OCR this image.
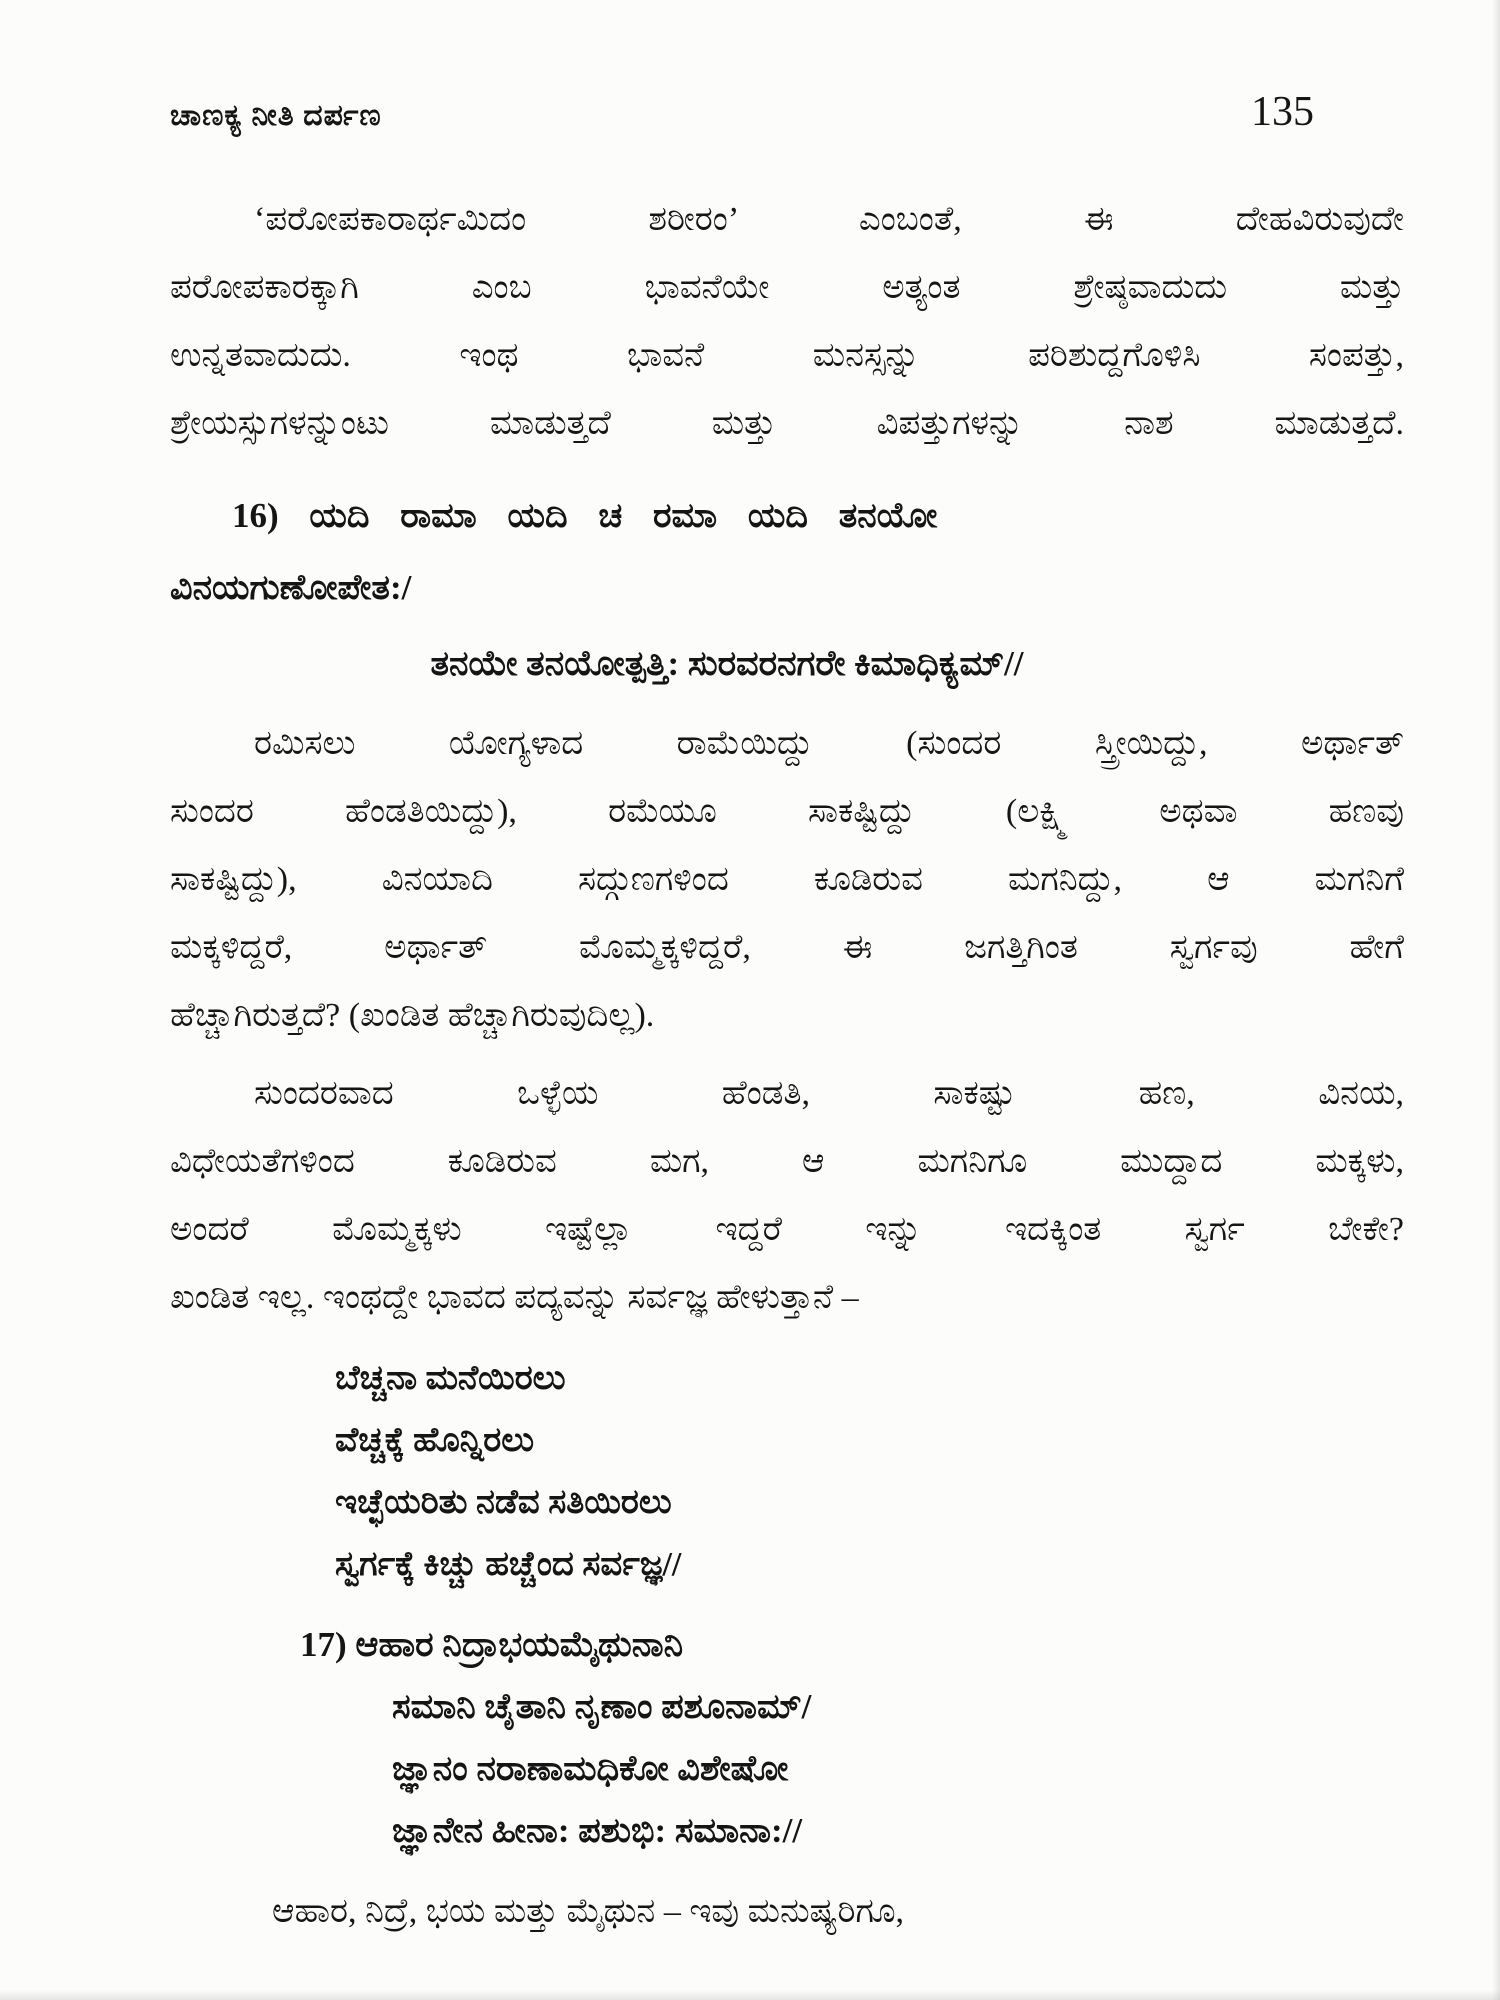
ಚಾಣಕ್ಯ ನೀತಿ ದರ್ಪಣ	135
‘ಪರೋಪಕಾರಾರ್ಥಮಿದಂ ಶರೀರಂ’ ಎಂಬಂತೆ, ಈ ದೇಹವಿರುವುದೇ
ಪರೋಪಕಾರಕ್ಕಾಗಿ ಎಂಬ ಭಾವನೆಯೇ ಅತ್ಯಂತ ಶ್ರೇಷ್ಠವಾದುದು ಮತ್ತು
ಉನ್ನತವಾದುದು. ಇಂಥ ಭಾವನೆ ಮನಸ್ಸನ್ನು ಪರಿಶುದ್ದಗೊಳಿಸಿ ಸಂಪತ್ತು,
ಶ್ರೇಯಸ್ಸುಗಳನ್ನುಂಟು ಮಾಡುತ್ತದೆ ಮತ್ತು ವಿಪತ್ತುಗಳನ್ನು ನಾಶ ಮಾಡುತ್ತದೆ.
16) ಯದಿ ರಾಮಾ ಯದಿ ಚ ರಮಾ ಯದಿ ತನಯೋ
ವಿನಯಗುಣೋಪೇತ:/
ತನಯೇ ತನಯೋತ್ಪತ್ತಿ: ಸುರವರನಗರೇ ಕಿಮಾಧಿಕ್ಯಮ್//
ರಮಿಸಲು ಯೋಗ್ಯಳಾದ ರಾಮೆಯಿದ್ದು (ಸುಂದರ ಸ್ತ್ರೀಯಿದ್ದು, ಅರ್ಥಾತ್
ಸುಂದರ ಹೆಂಡತಿಯಿದ್ದು), ರಮೆಯೂ ಸಾಕಷ್ಟಿದ್ದು (ಲಕ್ಷ್ಮಿ ಅಥವಾ ಹಣವು
ಸಾಕಷ್ಟಿದ್ದು), ವಿನಯಾದಿ ಸದ್ಗುಣಗಳಿಂದ ಕೂಡಿರುವ ಮಗನಿದ್ದು, ಆ ಮಗನಿಗೆ
ಮಕ್ಕಳಿದ್ದರೆ, ಅರ್ಥಾತ್ ಮೊಮ್ಮಕ್ಕಳಿದ್ದರೆ, ಈ ಜಗತ್ತಿಗಿಂತ ಸ್ವರ್ಗವು ಹೇಗೆ
ಹೆಚ್ಚಾಗಿರುತ್ತದೆ? (ಖಂಡಿತ ಹೆಚ್ಚಾಗಿರುವುದಿಲ್ಲ).
ಸುಂದರವಾದ ಒಳ್ಳೆಯ ಹೆಂಡತಿ, ಸಾಕಷ್ಟು ಹಣ, ವಿನಯ,
ವಿಧೇಯತೆಗಳಿಂದ ಕೂಡಿರುವ ಮಗ, ಆ ಮಗನಿಗೂ ಮುದ್ದಾದ ಮಕ್ಕಳು,
ಅಂದರೆ ಮೊಮ್ಮಕ್ಕಳು ಇಷ್ಟೆಲ್ಲಾ ಇದ್ದರೆ ಇನ್ನು ಇದಕ್ಕಿಂತ ಸ್ವರ್ಗ ಬೇಕೇ?
ಖಂಡಿತ ಇಲ್ಲ. ಇಂಥದ್ದೇ ಭಾವದ ಪದ್ಯವನ್ನು ಸರ್ವಜ್ಞ ಹೇಳುತ್ತಾನೆ –
ಬೆಚ್ಚನಾ ಮನೆಯಿರಲು
ವೆಚ್ಚಕ್ಕೆ ಹೊನ್ನಿರಲು
ಇಚ್ಛೆಯರಿತು ನಡೆವ ಸತಿಯಿರಲು
ಸ್ವರ್ಗಕ್ಕೆ ಕಿಚ್ಚು ಹಚ್ಚೆಂದ ಸರ್ವಜ್ಞ//
17) ಆಹಾರ ನಿದ್ರಾಭಯಮೈಥುನಾನಿ
ಸಮಾನಿ ಚೈತಾನಿ ನೃಣಾಂ ಪಶೂನಾಮ್/
ಜ್ಞಾನಂ ನರಾಣಾಮಧಿಕೋ ವಿಶೇಷೋ
ಜ್ಞಾನೇನ ಹೀನಾ: ಪಶುಭಿ: ಸಮಾನಾ://
ಆಹಾರ, ನಿದ್ರೆ, ಭಯ ಮತ್ತು ಮೈಥುನ – ಇವು ಮನುಷ್ಯರಿಗೂ,
